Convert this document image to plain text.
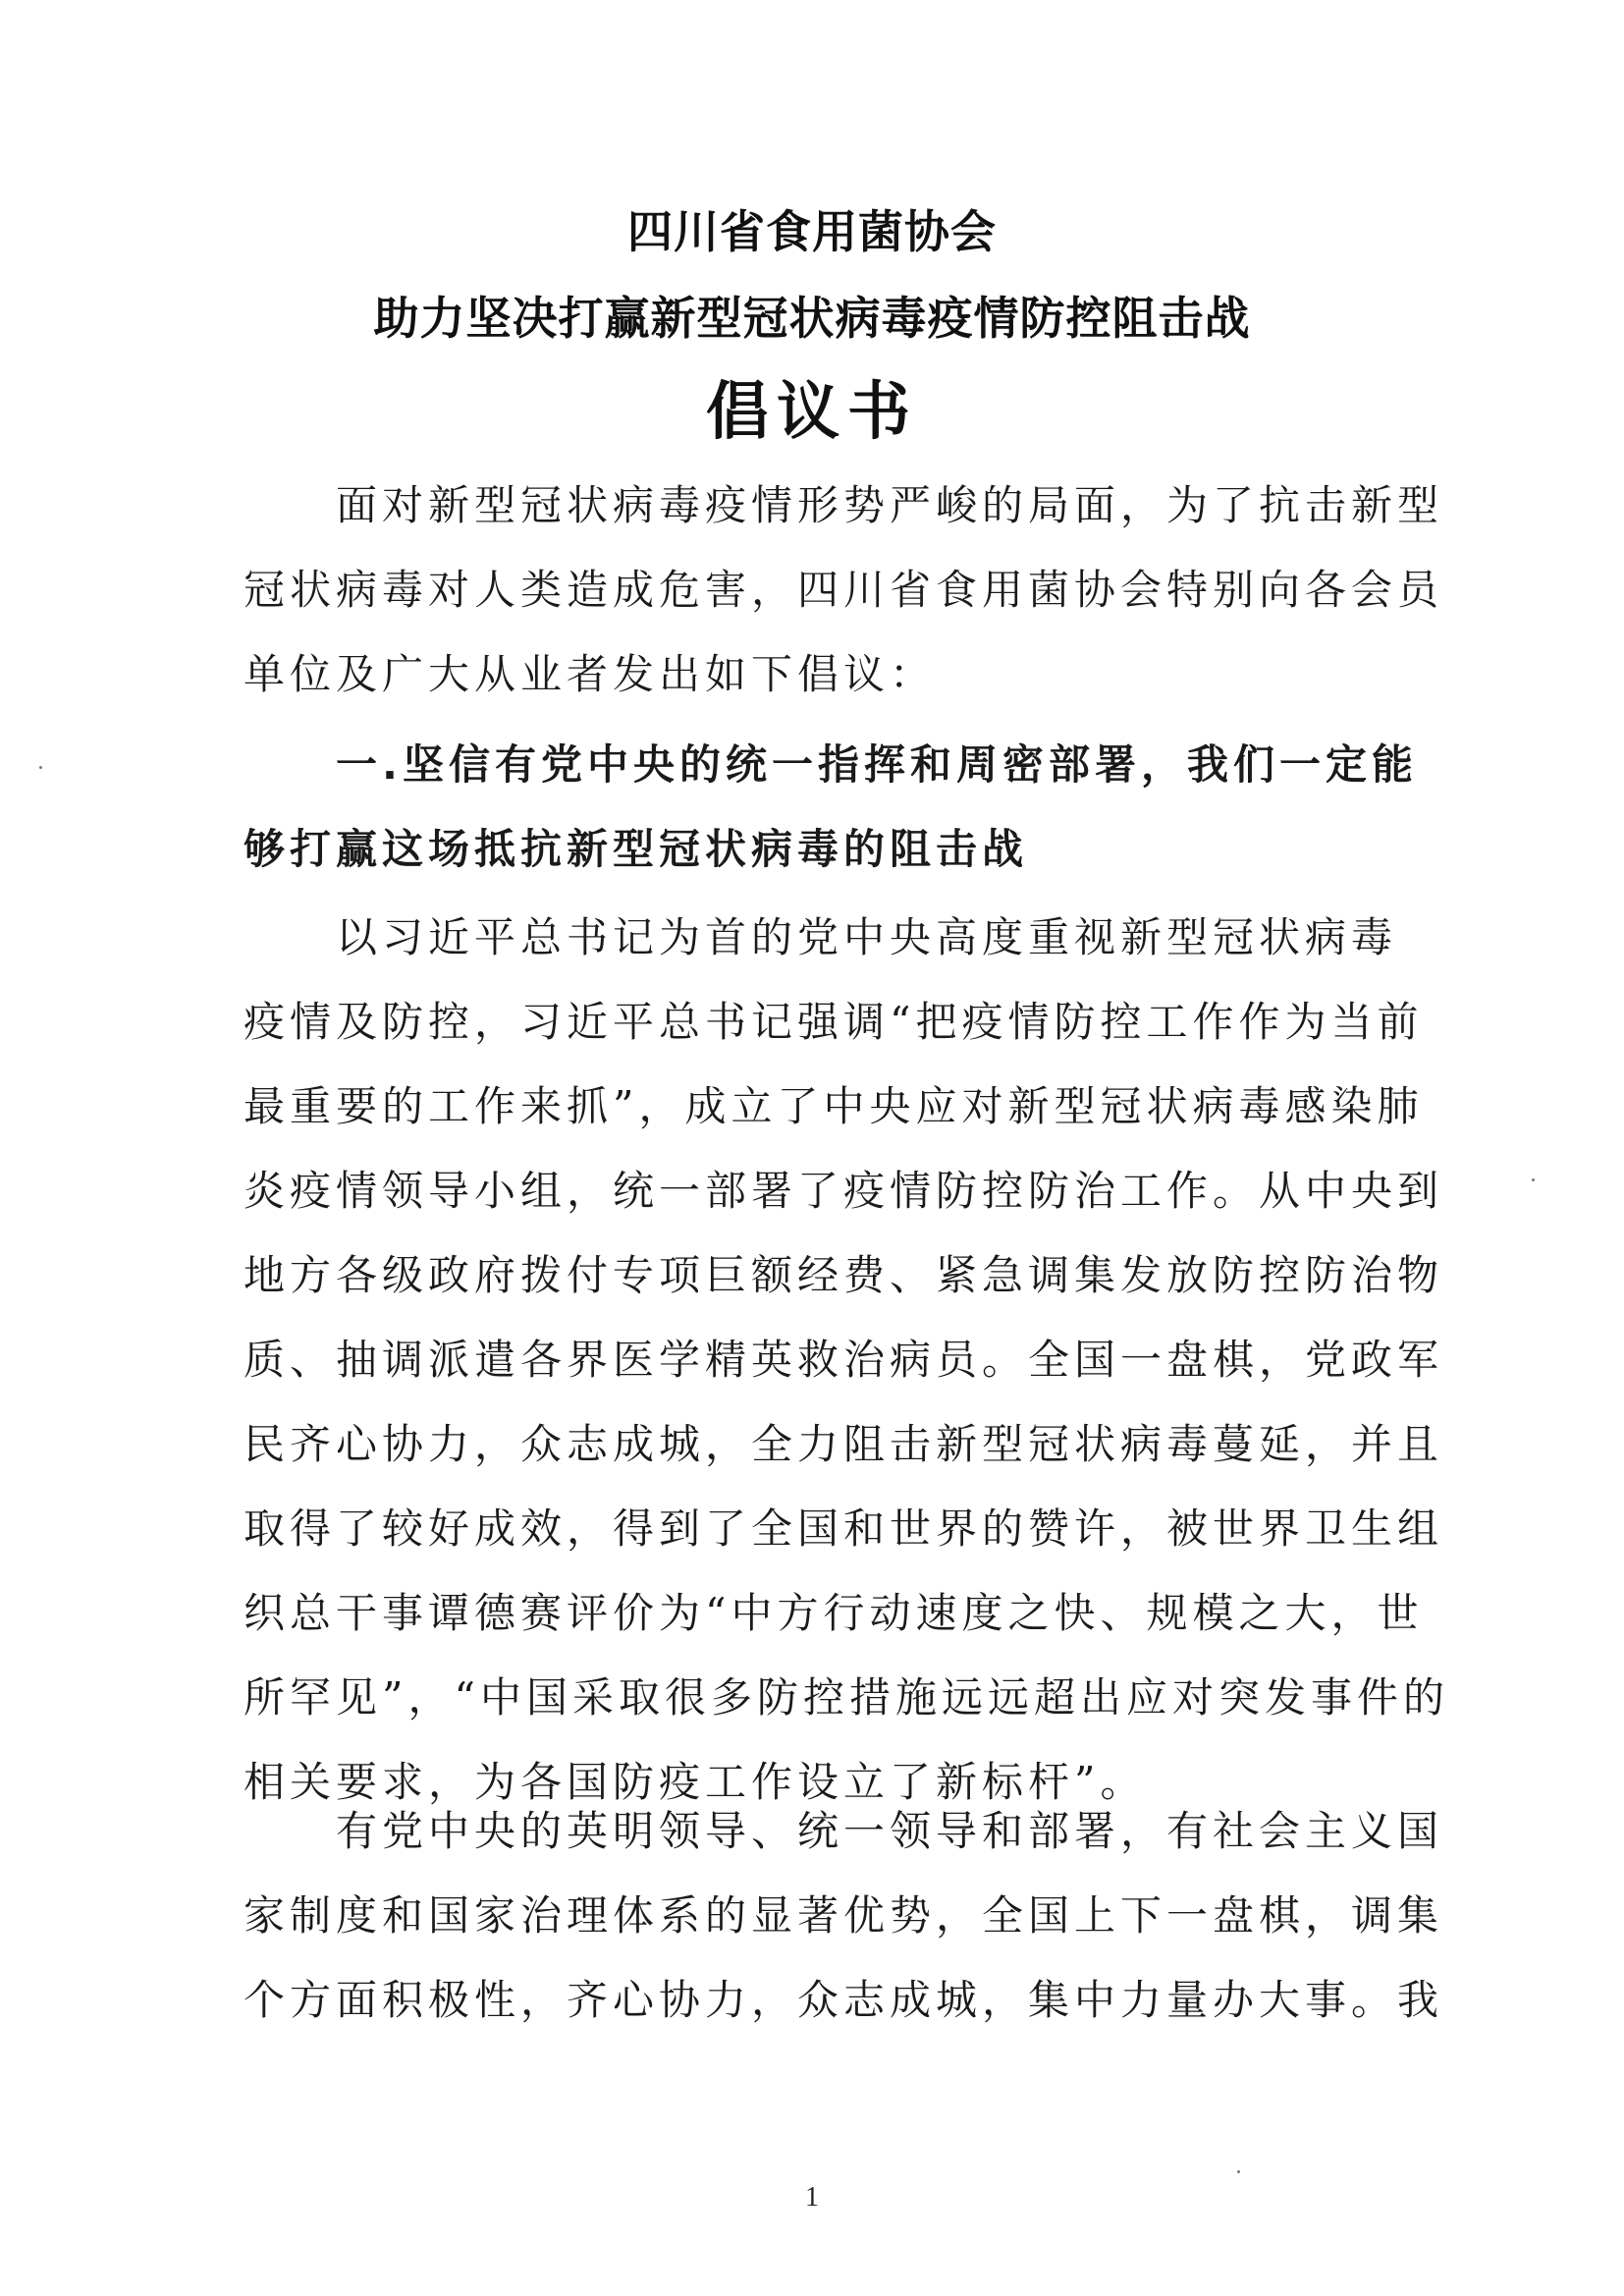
四川省食用菌协会
助力坚决打赢新型冠状病毒疫情防控阻击战
倡议书
　　面对新型冠状病毒疫情形势严峻的局面，为了抗击新型
冠状病毒对人类造成危害，四川省食用菌协会特别向各会员
单位及广大从业者发出如下倡议：
　　一.坚信有党中央的统一指挥和周密部署，我们一定能
够打赢这场抵抗新型冠状病毒的阻击战
　　以习近平总书记为首的党中央高度重视新型冠状病毒
疫情及防控，习近平总书记强调“把疫情防控工作作为当前
最重要的工作来抓”，成立了中央应对新型冠状病毒感染肺
炎疫情领导小组，统一部署了疫情防控防治工作。从中央到
地方各级政府拨付专项巨额经费、紧急调集发放防控防治物
质、抽调派遣各界医学精英救治病员。全国一盘棋，党政军
民齐心协力，众志成城，全力阻击新型冠状病毒蔓延，并且
取得了较好成效，得到了全国和世界的赞许，被世界卫生组
织总干事谭德赛评价为“中方行动速度之快、规模之大，世
所罕见”，“中国采取很多防控措施远远超出应对突发事件的
相关要求，为各国防疫工作设立了新标杆”。
　　有党中央的英明领导、统一领导和部署，有社会主义国
家制度和国家治理体系的显著优势，全国上下一盘棋，调集
个方面积极性，齐心协力，众志成城，集中力量办大事。我
1
